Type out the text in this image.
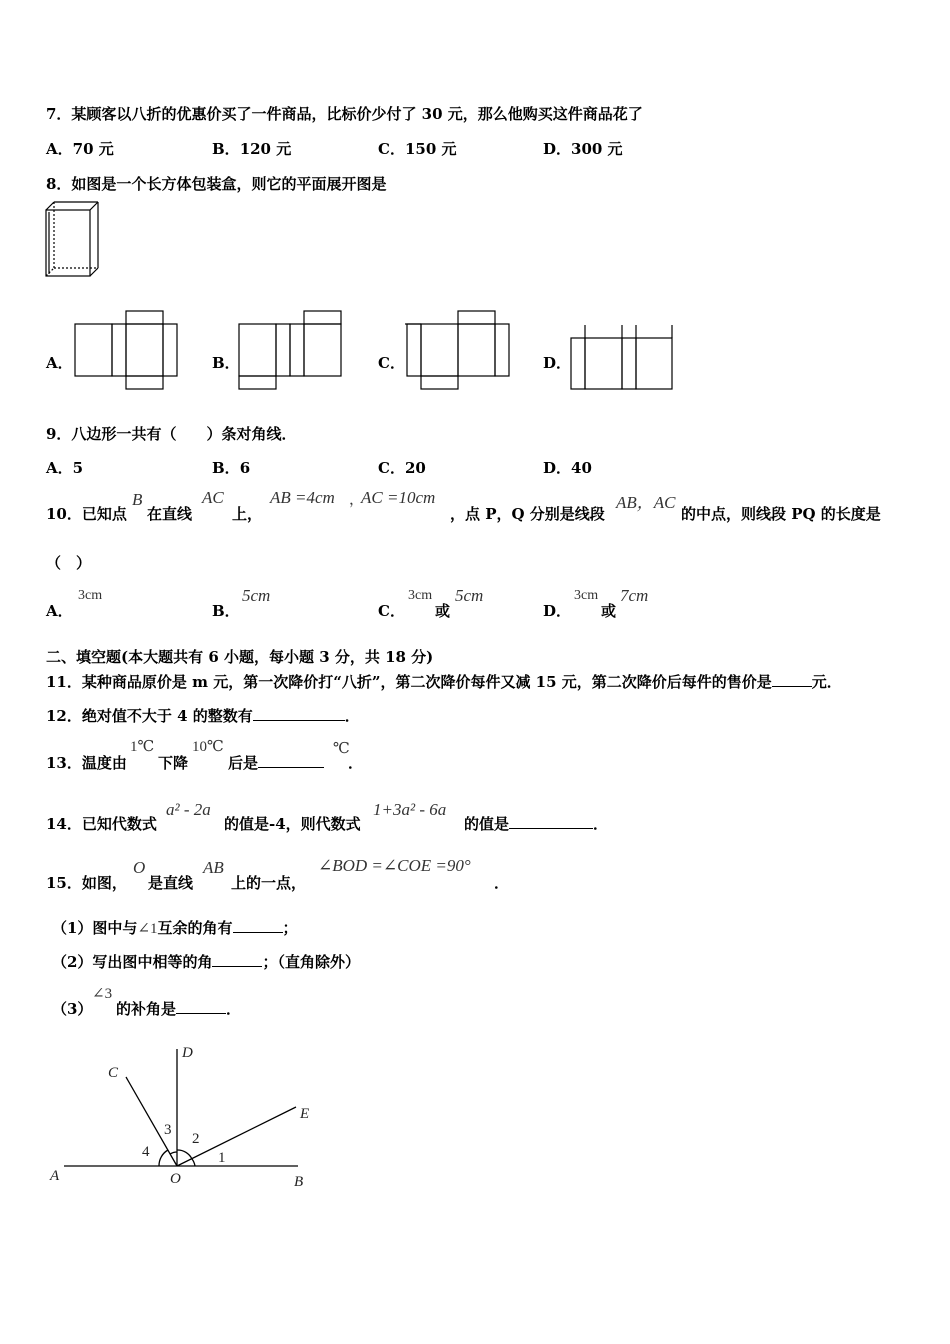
7．某顾客以八折的优惠价买了一件商品，比标价少付了 30 元，那么他购买这件商品花了
A．70 元	B．120 元	C．150 元	D．300 元
8．如图是一个长方体包装盒，则它的平面展开图是
A．	B．	C．	D．
9．八边形一共有（　　）条对角线．
A．5	B．6	C．20	D．40
10．已知点
B
在直线
AC
上，
AB =4cm ，
AC =10cm
，点 P，Q 分别是线段
AB，AC
的中点，则线段 PQ 的长度是
（　）
A．
3cm
B．
5cm
C．
3cm
或
5cm
D．
3cm
或
7cm
二、填空题(本大题共有 6 小题，每小题 3 分，共 18 分)
11．某种商品原价是 m 元，第一次降价打“八折”，第二次降价每件又减 15 元，第二次降价后每件的售价是	元．
12．绝对值不大于 4 的整数有	．
13．温度由
1℃
下降
10℃
后是
℃
．
14．已知代数式
a² - 2a
的值是-4，则代数式
1+3a² - 6a
的值是	．
15．如图，
O
是直线
AB
上的一点，
∠BOD =∠COE =90°
．
（1）图中与∠1互余的角有	；
（2）写出图中相等的角	；（直角除外）
（3）
∠3
的补角是	．
A	B
C
D
E
O
1
2
3
4
